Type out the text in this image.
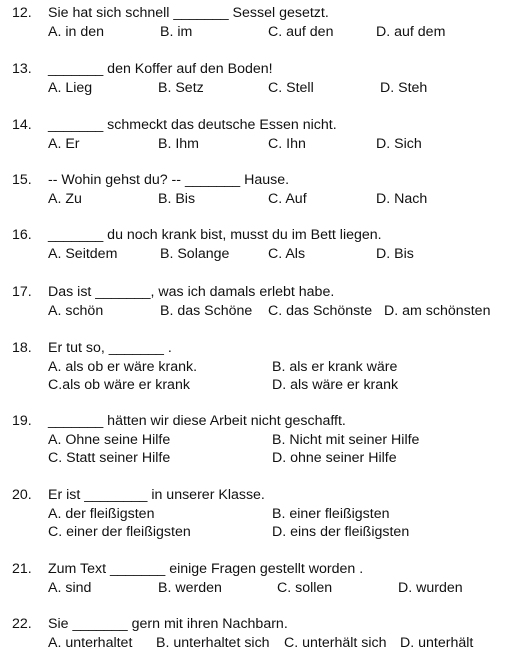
12. Sie hat sich schnell _______ Sessel gesetzt.
A. in den	B. im	C. auf den	D. auf dem
13. _______ den Koffer auf den Boden!
A. Lieg	B. Setz	C. Stell	D. Steh
14. _______ schmeckt das deutsche Essen nicht.
A. Er	B. Ihm	C. Ihn	D. Sich
15. -- Wohin gehst du? -- _______ Hause.
A. Zu	B. Bis	C. Auf	D. Nach
16. _______ du noch krank bist, musst du im Bett liegen.
A. Seitdem	B. Solange	C. Als	D. Bis
17. Das ist _______, was ich damals erlebt habe.
A. schön	B. das Schöne C. das Schönste D. am schönsten
18. Er tut so, _______ .
A. als ob er wäre krank.	B. als er krank wäre
C.als ob wäre er krank	D. als wäre er krank
19. _______ hätten wir diese Arbeit nicht geschafft.
A. Ohne seine Hilfe	B. Nicht mit seiner Hilfe
C. Statt seiner Hilfe	D. ohne seiner Hilfe
20. Er ist ________ in unserer Klasse.
A. der fleißigsten	B. einer fleißigsten
C. einer der fleißigsten	D. eins der fleißigsten
21. Zum Text _______ einige Fragen gestellt worden .
A. sind	B. werden	C. sollen	D. wurden
22. Sie _______ gern mit ihren Nachbarn.
A. unterhaltet B. unterhaltet sich C. unterhält sich D. unterhält
